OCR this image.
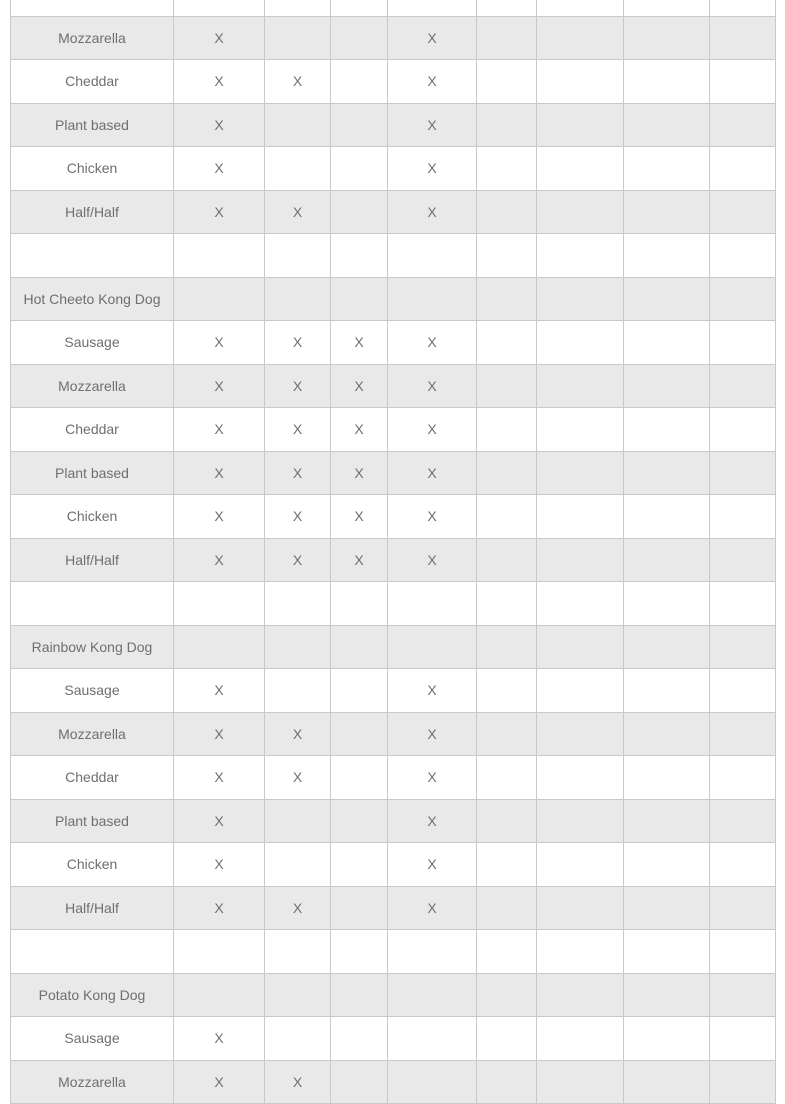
Mozzarella	X			X				
Cheddar	X	X		X				
Plant based	X			X				
Chicken	X			X				
Half/Half	X	X		X				

Hot Cheeto Kong Dog								
Sausage	X	X	X	X				
Mozzarella	X	X	X	X				
Cheddar	X	X	X	X				
Plant based	X	X	X	X				
Chicken	X	X	X	X				
Half/Half	X	X	X	X				

Rainbow Kong Dog								
Sausage	X			X				
Mozzarella	X	X		X				
Cheddar	X	X		X				
Plant based	X			X				
Chicken	X			X				
Half/Half	X	X		X				

Potato Kong Dog								
Sausage	X							
Mozzarella	X	X						
